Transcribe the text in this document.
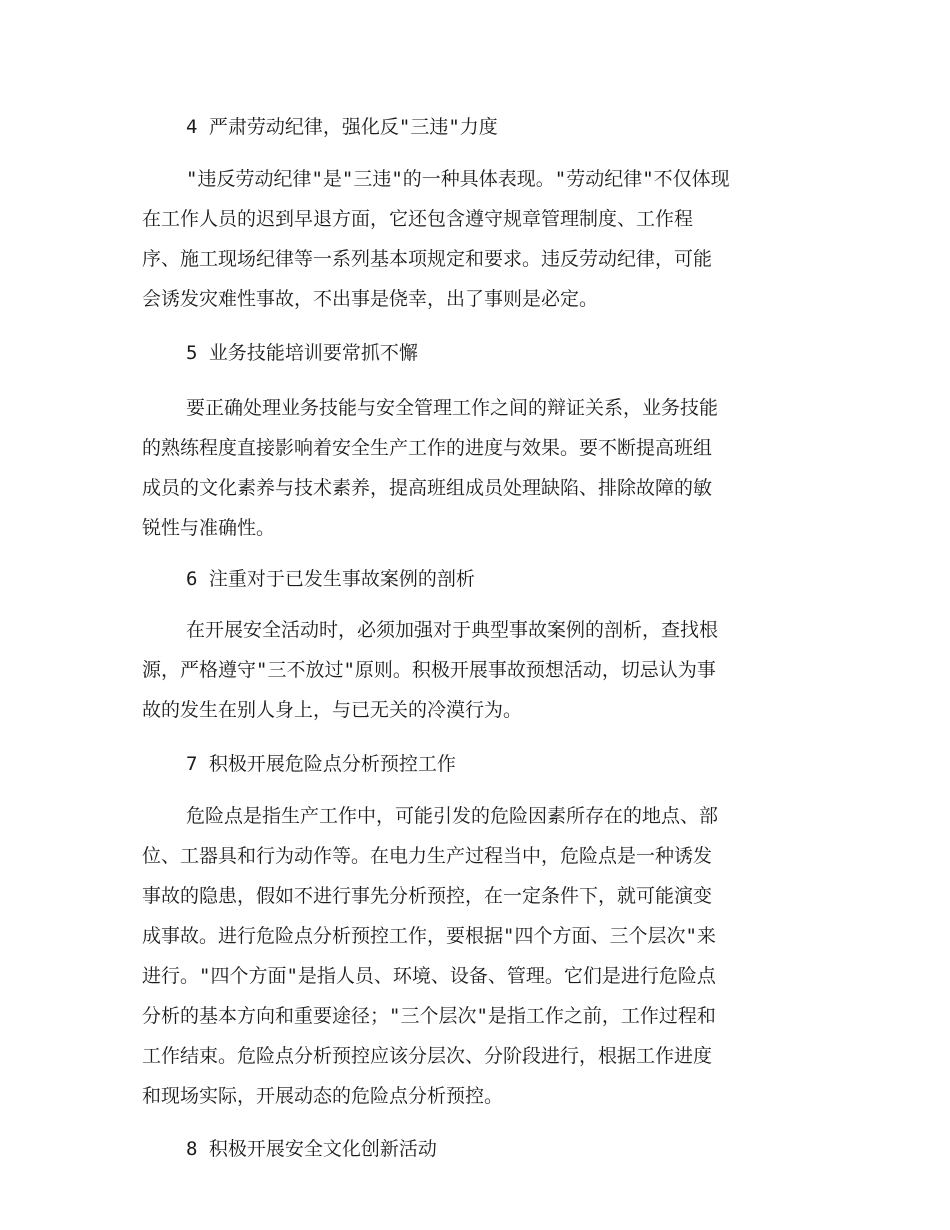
4 严肃劳动纪律，强化反"三违"力度

"违反劳动纪律"是"三违"的一种具体表现。"劳动纪律"不仅体现
在工作人员的迟到早退方面，它还包含遵守规章管理制度、工作程
序、施工现场纪律等一系列基本项规定和要求。违反劳动纪律，可能
会诱发灾难性事故，不出事是侥幸，出了事则是必定。

5 业务技能培训要常抓不懈

要正确处理业务技能与安全管理工作之间的辩证关系，业务技能
的熟练程度直接影响着安全生产工作的进度与效果。要不断提高班组
成员的文化素养与技术素养，提高班组成员处理缺陷、排除故障的敏
锐性与准确性。

6 注重对于已发生事故案例的剖析

在开展安全活动时，必须加强对于典型事故案例的剖析，查找根
源，严格遵守"三不放过"原则。积极开展事故预想活动，切忌认为事
故的发生在别人身上，与已无关的冷漠行为。

7 积极开展危险点分析预控工作

危险点是指生产工作中，可能引发的危险因素所存在的地点、部
位、工器具和行为动作等。在电力生产过程当中，危险点是一种诱发
事故的隐患，假如不进行事先分析预控，在一定条件下，就可能演变
成事故。进行危险点分析预控工作，要根据"四个方面、三个层次"来
进行。"四个方面"是指人员、环境、设备、管理。它们是进行危险点
分析的基本方向和重要途径；"三个层次"是指工作之前，工作过程和
工作结束。危险点分析预控应该分层次、分阶段进行，根据工作进度
和现场实际，开展动态的危险点分析预控。

8 积极开展安全文化创新活动
